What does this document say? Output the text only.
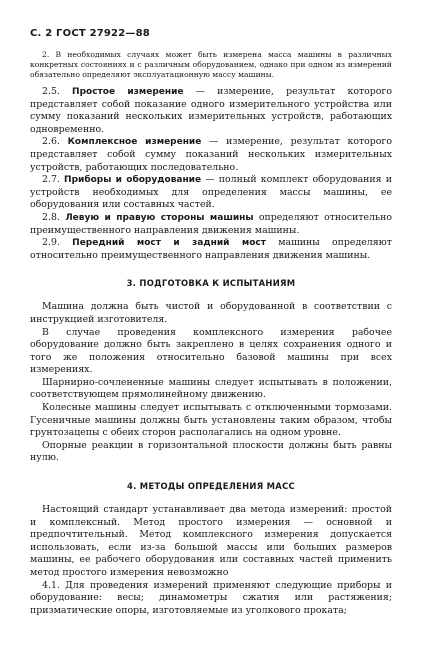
С. 2 ГОСТ 27922—88

2. В необходимых случаях может быть измерена масса машины в различных конкретных состояниях и с различным оборудованием, однако при одном из измерений обязательно определяют эксплуатационную массу машины.

2.5. Простое измерение — измерение, результат которого представляет собой показание одного измерительного устройства или сумму показаний нескольких измерительных устройств, работающих одновременно.

2.6. Комплексное измерение — измерение, результат которого представляет собой сумму показаний нескольких измерительных устройств, работающих последовательно.

2.7. Приборы и оборудование — полный комплект оборудования и устройств необходимых для определения массы машины, ее оборудования или составных частей.

2.8. Левую и правую стороны машины определяют относительно преимущественного направления движения машины.

2.9. Передний мост и задний мост машины определяют относительно преимущественного направления движения машины.

3. ПОДГОТОВКА К ИСПЫТАНИЯМ

Машина должна быть чистой и оборудованной в соответствии с инструкцией изготовителя.

В случае проведения комплексного измерения рабочее оборудование должно быть закреплено в целях сохранения одного и того же положения относительно базовой машины при всех измерениях.

Шарнирно-сочлененные машины следует испытывать в положении, соответствующем прямолинейному движению.

Колесные машины следует испытывать с отключенными тормозами. Гусеничные машины должны быть установлены таким образом, чтобы грунтозацепы с обеих сторон располагались на одном уровне.

Опорные реакции в горизонтальной плоскости должны быть равны нулю.

4. МЕТОДЫ ОПРЕДЕЛЕНИЯ МАСС

Настоящий стандарт устанавливает два метода измерений: простой и комплексный. Метод простого измерения — основной и предпочтительный. Метод комплексного измерения допускается использовать, если из-за большой массы или больших размеров машины, ее рабочего оборудования или составных частей применить метод простого измерения невозможно

4.1. Для проведения измерений применяют следующие приборы и оборудование: весы; динамометры сжатия или растяжения; призматические опоры, изготовляемые из уголкового проката;
